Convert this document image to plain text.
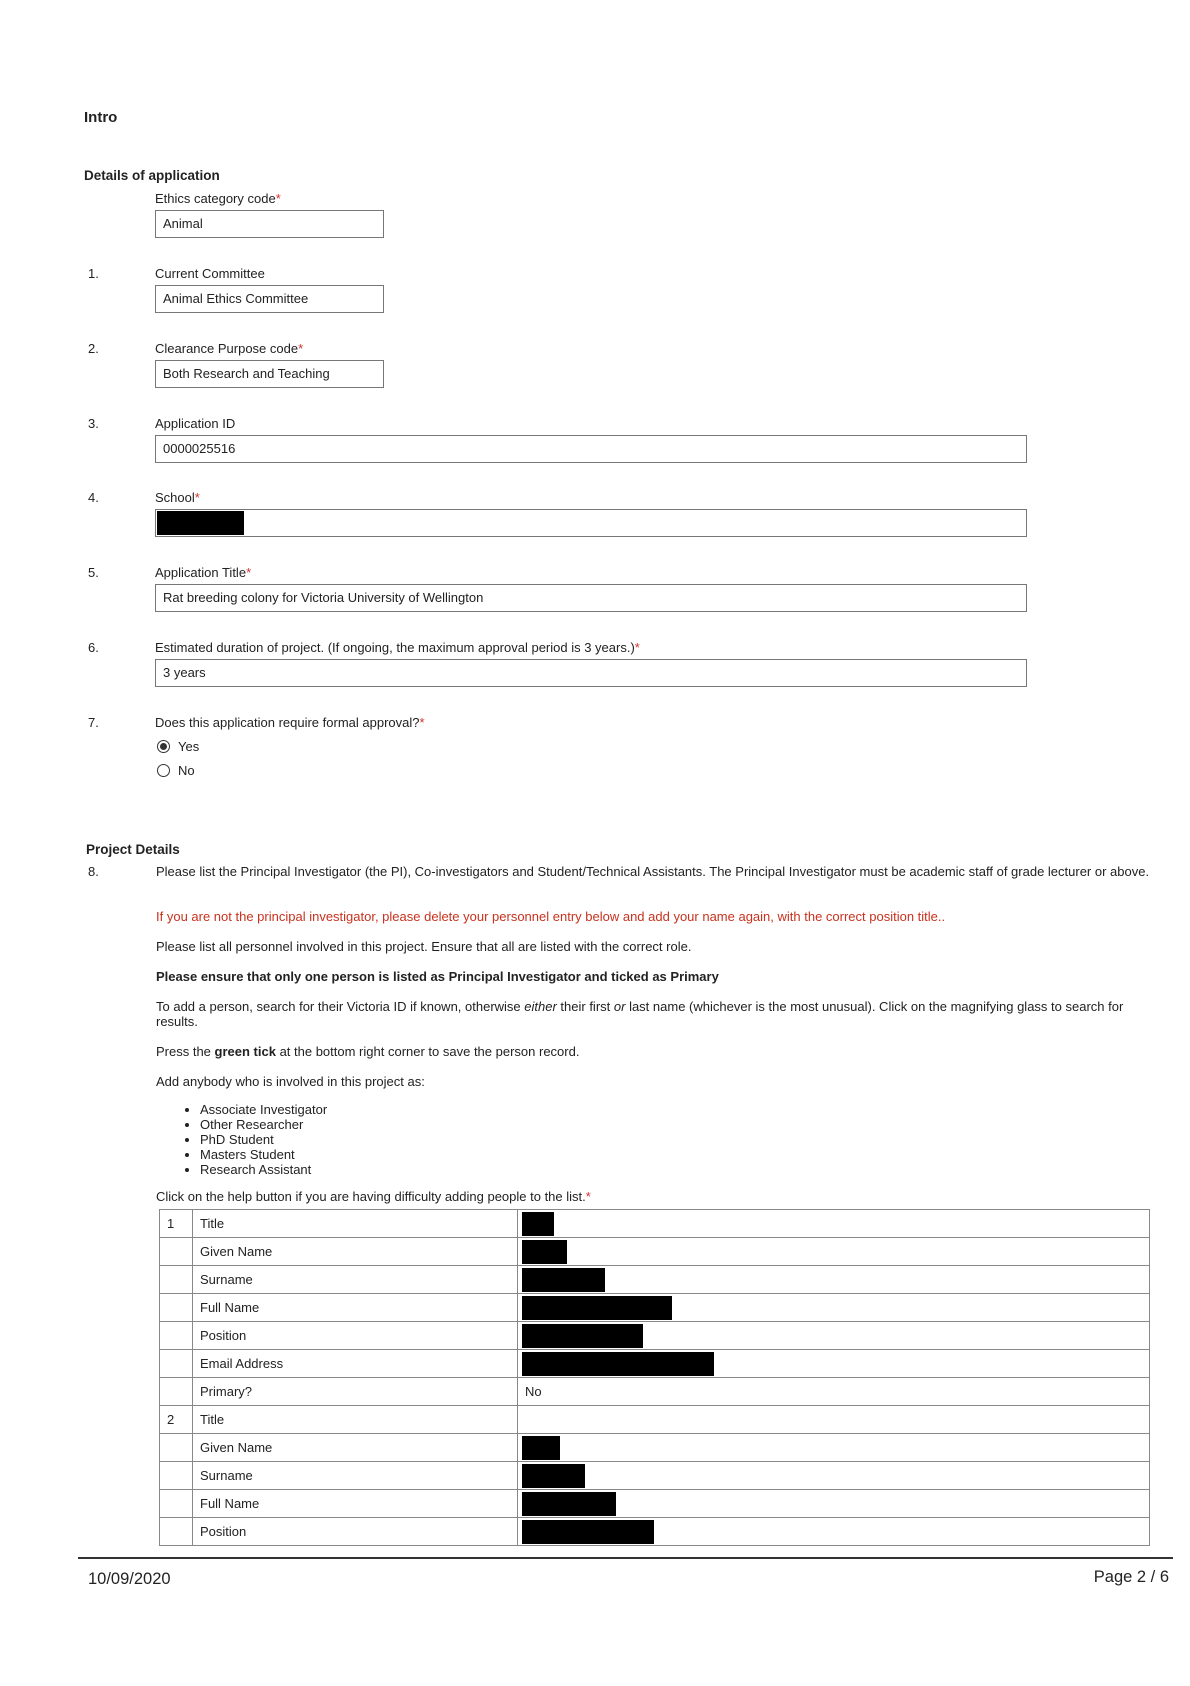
Intro
Details of application
Ethics category code*
Animal
1.	Current Committee
Animal Ethics Committee
2.	Clearance Purpose code*
Both Research and Teaching
3.	Application ID
0000025516
4.	School*
5.	Application Title*
Rat breeding colony for Victoria University of Wellington
6.	Estimated duration of project. (If ongoing, the maximum approval period is 3 years.)*
3 years
7.	Does this application require formal approval?*
Yes
No
Project Details
8.	Please list the Principal Investigator (the PI), Co-investigators and Student/Technical Assistants. The Principal Investigator must be academic staff of grade lecturer or above.
If you are not the principal investigator, please delete your personnel entry below and add your name again, with the correct position title..
Please list all personnel involved in this project. Ensure that all are listed with the correct role.
Please ensure that only one person is listed as Principal Investigator and ticked as Primary
To add a person, search for their Victoria ID if known, otherwise either their first or last name (whichever is the most unusual). Click on the magnifying glass to search for results.
Press the green tick at the bottom right corner to save the person record.
Add anybody who is involved in this project as:
• Associate Investigator
• Other Researcher
• PhD Student
• Masters Student
• Research Assistant
Click on the help button if you are having difficulty adding people to the list.*
1	Title	
	Given Name	
	Surname	
	Full Name	
	Position	
	Email Address	
	Primary?	No
2	Title	
	Given Name	
	Surname	
	Full Name	
	Position	
10/09/2020	Page 2 / 6
